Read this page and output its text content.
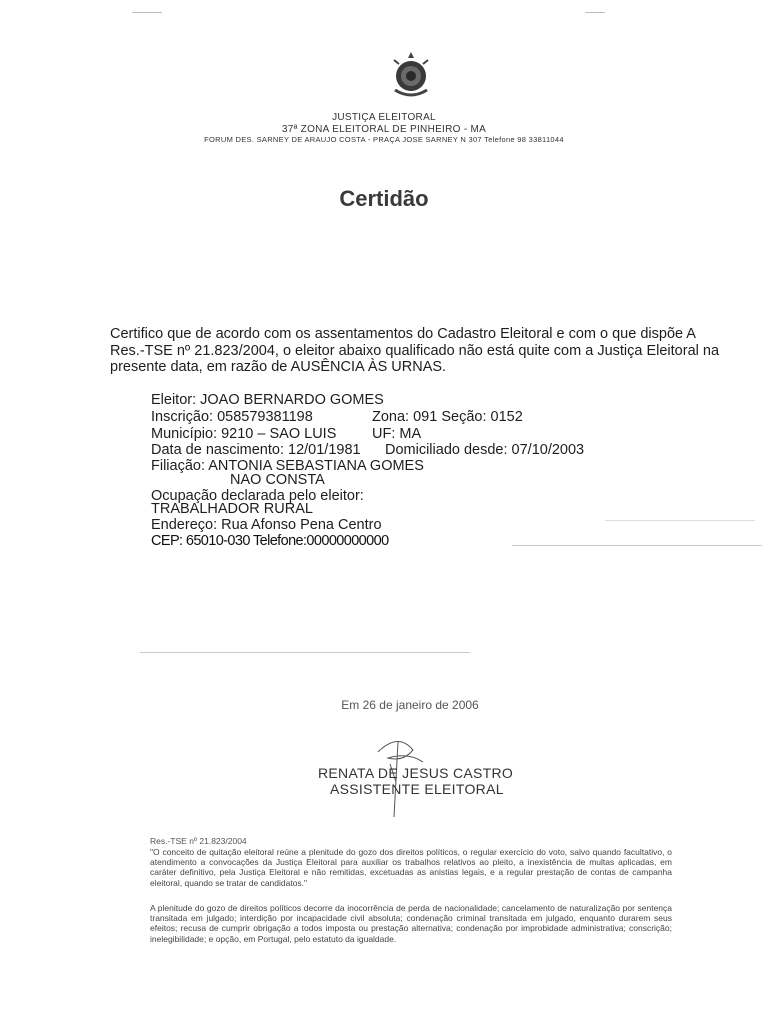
JUSTIÇA ELEITORAL
37ª ZONA ELEITORAL DE PINHEIRO - MA
FORUM DES. SARNEY DE ARAUJO COSTA - PRAÇA JOSE SARNEY N 307 Telefone 98 33811044
Certidão
Certifico que de acordo com os assentamentos do Cadastro Eleitoral e com o que dispõe A Res.-TSE nº 21.823/2004, o eleitor abaixo qualificado não está quite com a Justiça Eleitoral na presente data, em razão de AUSÊNCIA ÀS URNAS.
Eleitor: JOAO BERNARDO GOMES
Inscrição: 058579381198	Zona: 091 Seção: 0152
Município: 9210 – SAO LUIS UF: MA
Data de nascimento: 12/01/1981 Domiciliado desde: 07/10/2003
Filiação: ANTONIA SEBASTIANA GOMES
NAO CONSTA
Ocupação declarada pelo eleitor:
TRABALHADOR RURAL
Endereço: Rua Afonso Pena Centro
CEP: 65010-030 Telefone:00000000000
Em 26 de janeiro de 2006
RENATA DE JESUS CASTRO
ASSISTENTE ELEITORAL
Res.-TSE nº 21.823/2004
"O conceito de quitação eleitoral reúne a plenitude do gozo dos direitos políticos, o regular exercício do voto, salvo quando facultativo, o atendimento a convocações da Justiça Eleitoral para auxiliar os trabalhos relativos ao pleito, a inexistência de multas aplicadas, em caráter definitivo, pela Justiça Eleitoral e não remitidas, excetuadas as anistias legais, e a regular prestação de contas de campanha eleitoral, quando se tratar de candidatos."
A plenitude do gozo de direitos políticos decorre da inocorrência de perda de nacionalidade; cancelamento de naturalização por sentença transitada em julgado; interdição por incapacidade civil absoluta; condenação criminal transitada em julgado, enquanto durarem seus efeitos; recusa de cumprir obrigação a todos imposta ou prestação alternativa; condenação por improbidade administrativa; conscrição; inelegibilidade; e opção, em Portugal, pelo estatuto da igualdade.
